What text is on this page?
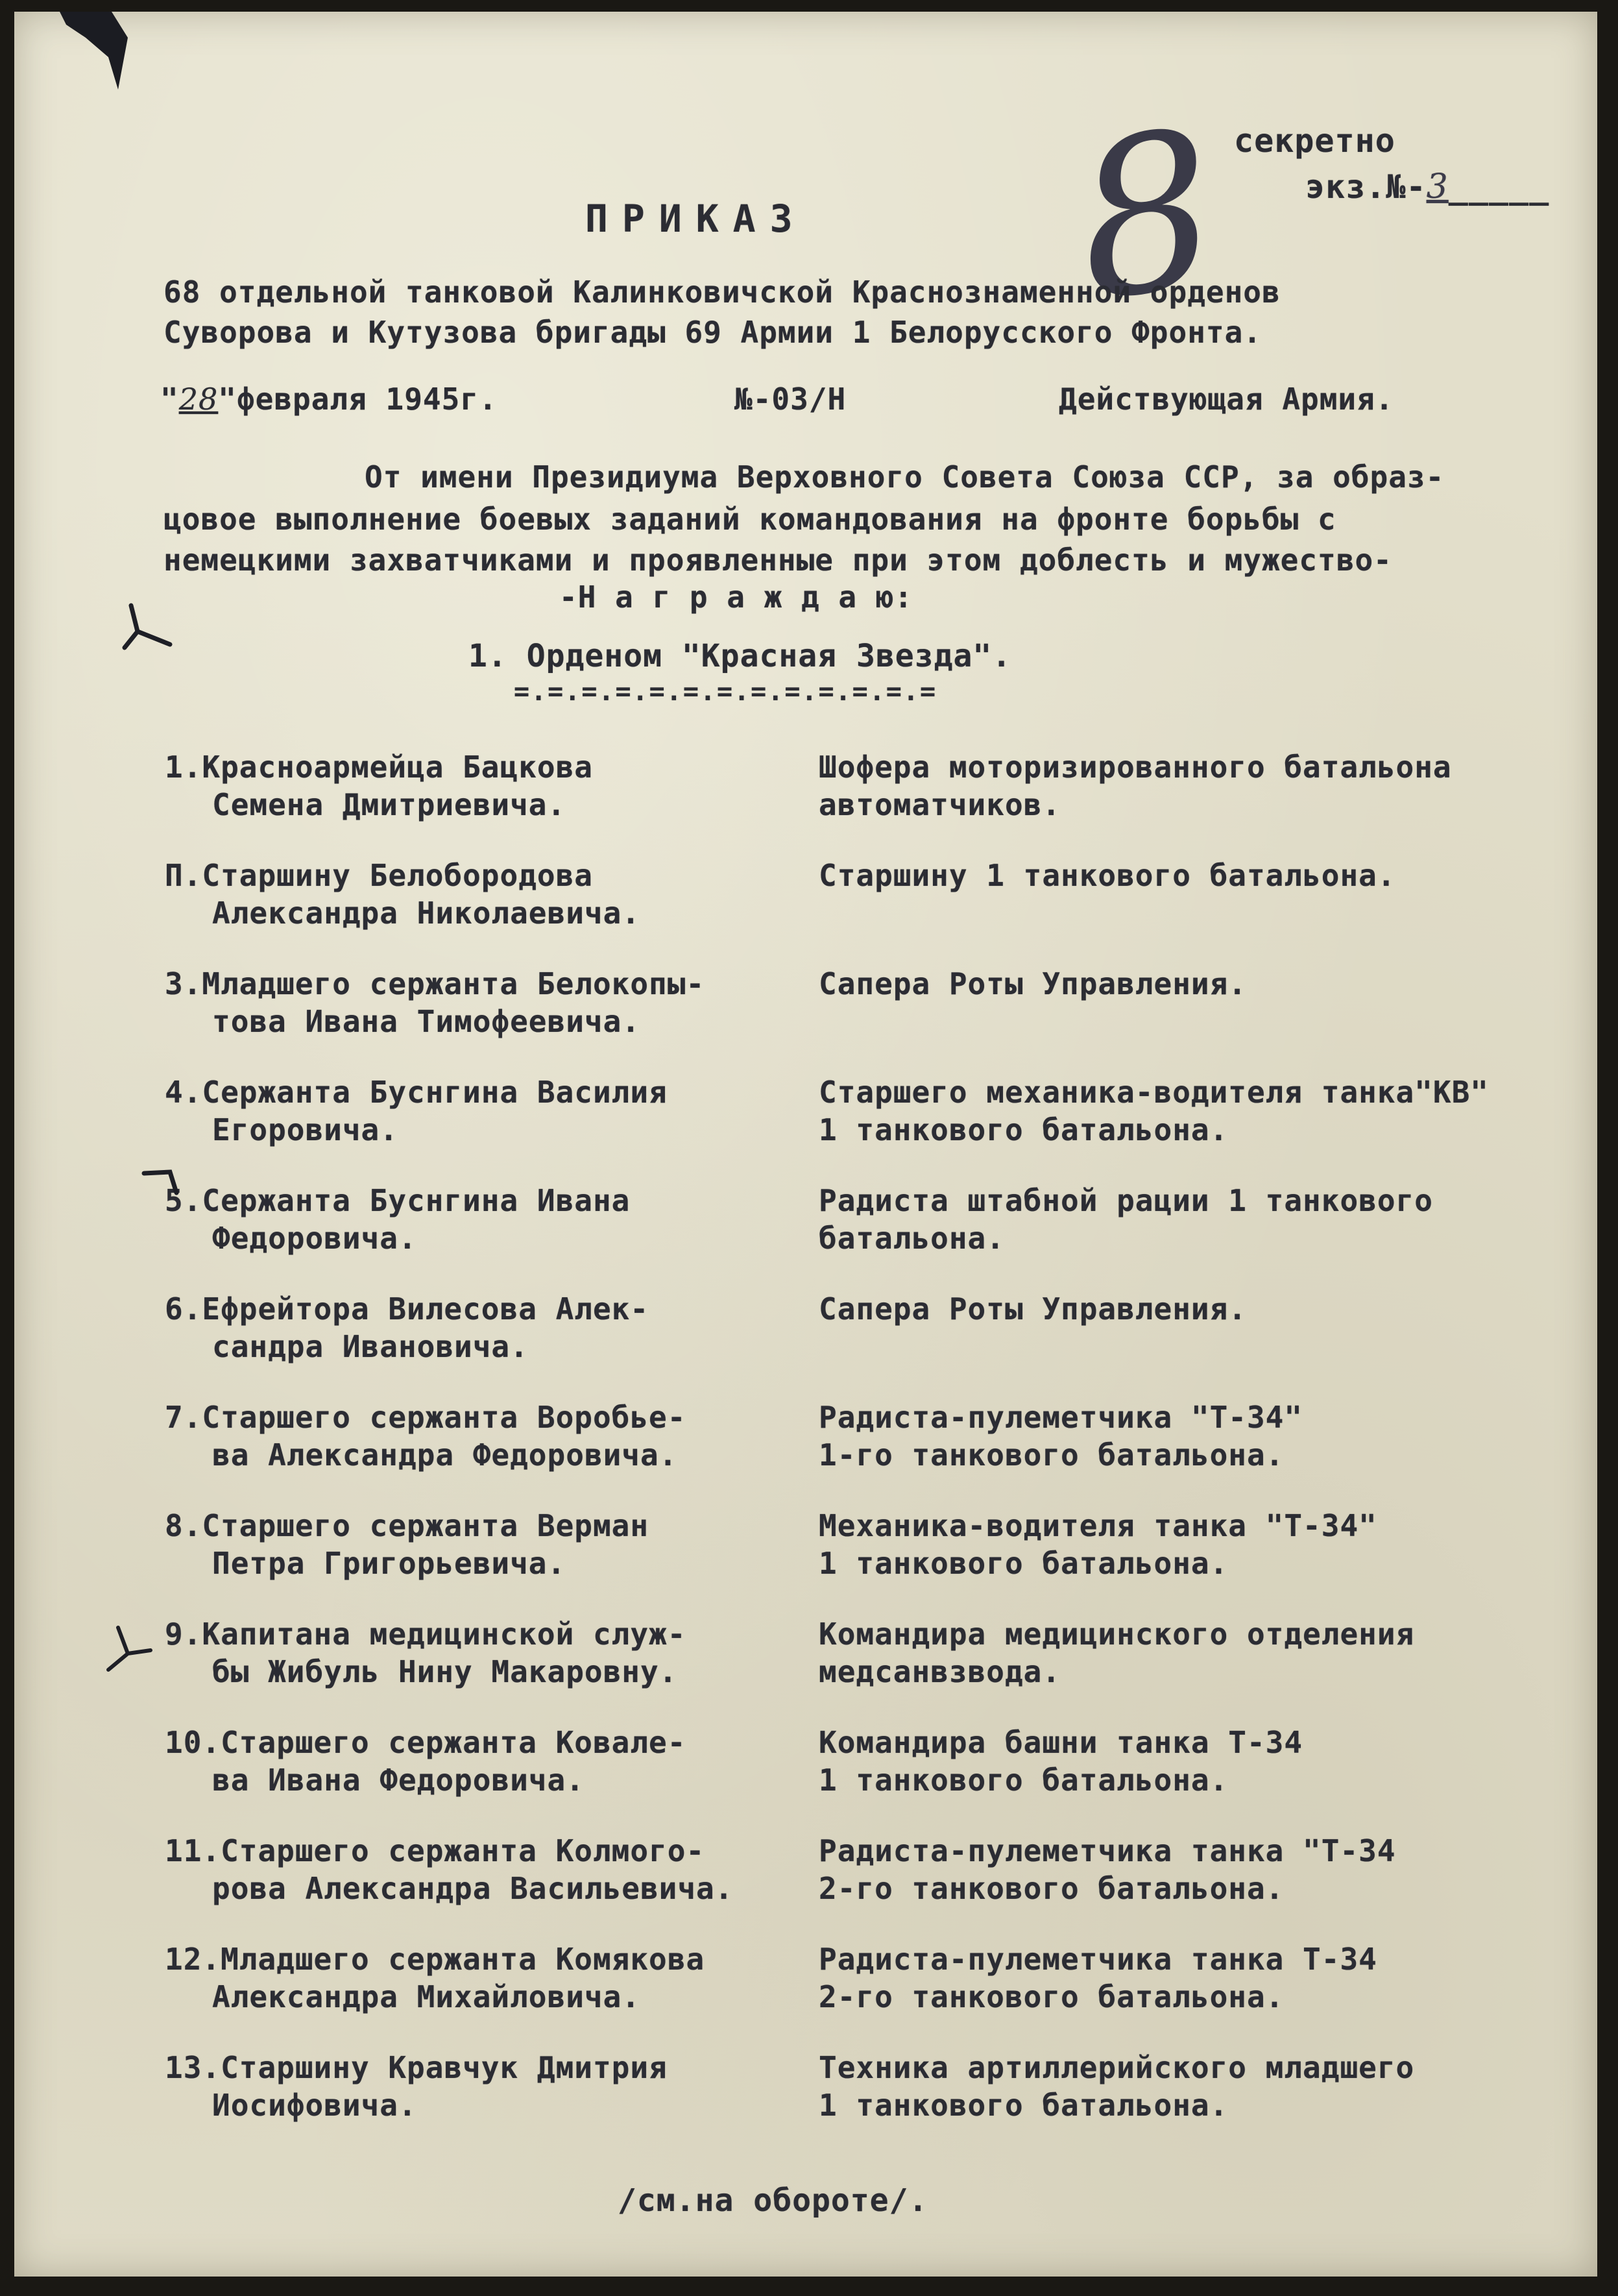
секретно
экз.№-3_____
8
ПРИКАЗ
68 отдельной танковой Калинковичской Краснознаменной орденов
Суворова и Кутузова бригады 69 Армии 1 Белорусского Фронта.
"28"февраля 1945г.	№-03/Н	Действующая Армия.
От имени Президиума Верховного Совета Союза ССР, за образ-
цовое выполнение боевых заданий командования на фронте борьбы с
немецкими захватчиками и проявленные при этом доблесть и мужество-
-Н а г р а ж д а ю:
1. Орденом "Красная Звезда".
=.=.=.=.=.=.=.=.=.=.=.=.=
1.Красноармейца Бацкова
Семена Дмитриевича.
Шофера моторизированного батальона
автоматчиков.
П.Старшину Белобородова
Александра Николаевича.
Старшину 1 танкового батальона.
3.Младшего сержанта Белокопы-
това Ивана Тимофеевича.
Сапера Роты Управления.
4.Сержанта Буснгина Василия
Егоровича.
Старшего механика-водителя танка"КВ"
1 танкового батальона.
5.Сержанта Буснгина Ивана
Федоровича.
Радиста штабной рации 1 танкового
батальона.
6.Ефрейтора Вилесова Алек-
сандра Ивановича.
Сапера Роты Управления.
7.Старшего сержанта Воробье-
ва Александра Федоровича.
Радиста-пулеметчика "Т-34"
1-го танкового батальона.
8.Старшего сержанта Верман
Петра Григорьевича.
Механика-водителя танка "Т-34"
1 танкового батальона.
9.Капитана медицинской служ-
бы Жибуль Нину Макаровну.
Командира медицинского отделения
медсанвзвода.
10.Старшего сержанта Ковале-
ва Ивана Федоровича.
Командира башни танка Т-34
1 танкового батальона.
11.Старшего сержанта Колмого-
рова Александра Васильевича.
Радиста-пулеметчика танка "Т-34
2-го танкового батальона.
12.Младшего сержанта Комякова
Александра Михайловича.
Радиста-пулеметчика танка Т-34
2-го танкового батальона.
13.Старшину Кравчук Дмитрия
Иосифовича.
Техника артиллерийского младшего
1 танкового батальона.
/см.на обороте/.
